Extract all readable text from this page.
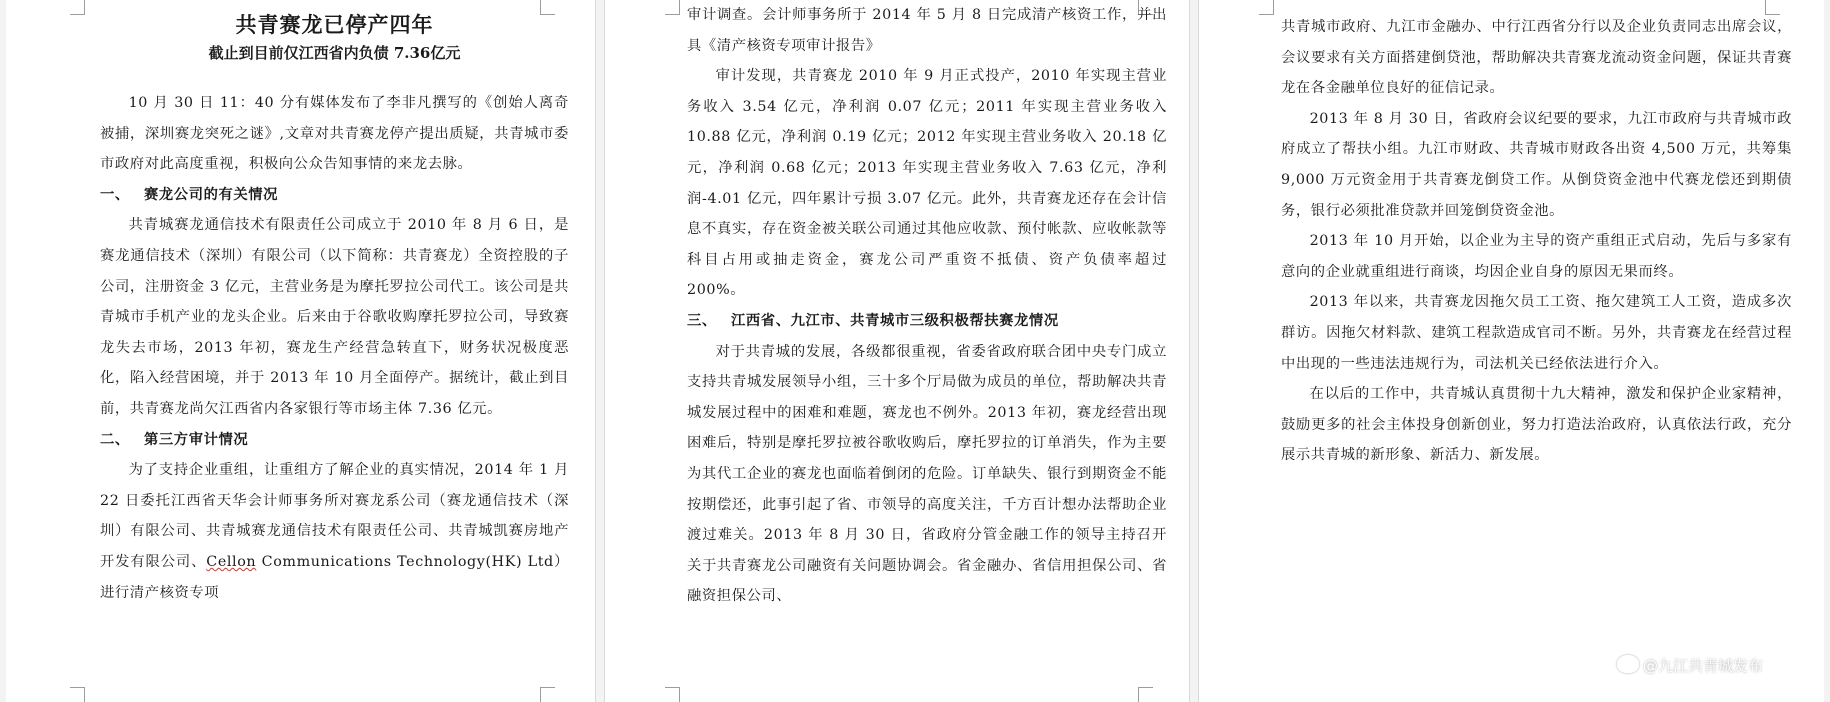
共青赛龙已停产四年
截止到目前仅江西省内负债 7.36亿元

10 月 30 日 11：40 分有媒体发布了李非凡撰写的《创始人离奇被捕，深圳赛龙突死之谜》,文章对共青赛龙停产提出质疑，共青城市委市政府对此高度重视，积极向公众告知事情的来龙去脉。

一、 赛龙公司的有关情况

共青城赛龙通信技术有限责任公司成立于 2010 年 8 月 6 日，是赛龙通信技术（深圳）有限公司（以下简称：共青赛龙）全资控股的子公司，注册资金 3 亿元，主营业务是为摩托罗拉公司代工。该公司是共青城市手机产业的龙头企业。后来由于谷歌收购摩托罗拉公司，导致赛龙失去市场，2013 年初，赛龙生产经营急转直下，财务状况极度恶化，陷入经营困境，并于 2013 年 10 月全面停产。据统计，截止到目前，共青赛龙尚欠江西省内各家银行等市场主体 7.36 亿元。

二、 第三方审计情况

为了支持企业重组，让重组方了解企业的真实情况，2014 年 1 月 22 日委托江西省天华会计师事务所对赛龙系公司（赛龙通信技术（深圳）有限公司、共青城赛龙通信技术有限责任公司、共青城凯赛房地产开发有限公司、Cellon Communications Technology(HK) Ltd）进行清产核资专项

审计调查。会计师事务所于 2014 年 5 月 8 日完成清产核资工作，并出具《清产核资专项审计报告》

审计发现，共青赛龙 2010 年 9 月正式投产，2010 年实现主营业务收入 3.54 亿元，净利润 0.07 亿元；2011 年实现主营业务收入 10.88 亿元，净利润 0.19 亿元；2012 年实现主营业务收入 20.18 亿元，净利润 0.68 亿元；2013 年实现主营业务收入 7.63 亿元，净利润-4.01 亿元，四年累计亏损 3.07 亿元。此外，共青赛龙还存在会计信息不真实，存在资金被关联公司通过其他应收款、预付帐款、应收帐款等科目占用或抽走资金，赛龙公司严重资不抵债、资产负债率超过 200%。

三、 江西省、九江市、共青城市三级积极帮扶赛龙情况

对于共青城的发展，各级都很重视，省委省政府联合团中央专门成立支持共青城发展领导小组，三十多个厅局做为成员的单位，帮助解决共青城发展过程中的困难和难题，赛龙也不例外。2013 年初，赛龙经营出现困难后，特别是摩托罗拉被谷歌收购后，摩托罗拉的订单消失，作为主要为其代工企业的赛龙也面临着倒闭的危险。订单缺失、银行到期资金不能按期偿还，此事引起了省、市领导的高度关注，千方百计想办法帮助企业渡过难关。2013 年 8 月 30 日，省政府分管金融工作的领导主持召开关于共青赛龙公司融资有关问题协调会。省金融办、省信用担保公司、省融资担保公司、

共青城市政府、九江市金融办、中行江西省分行以及企业负责同志出席会议，会议要求有关方面搭建倒贷池，帮助解决共青赛龙流动资金问题，保证共青赛龙在各金融单位良好的征信记录。

2013 年 8 月 30 日，省政府会议纪要的要求，九江市政府与共青城市政府成立了帮扶小组。九江市财政、共青城市财政各出资 4,500 万元，共筹集 9,000 万元资金用于共青赛龙倒贷工作。从倒贷资金池中代赛龙偿还到期债务，银行必须批准贷款并回笼倒贷资金池。

2013 年 10 月开始，以企业为主导的资产重组正式启动，先后与多家有意向的企业就重组进行商谈，均因企业自身的原因无果而终。

2013 年以来，共青赛龙因拖欠员工工资、拖欠建筑工人工资，造成多次群访。因拖欠材料款、建筑工程款造成官司不断。另外，共青赛龙在经营过程中出现的一些违法违规行为，司法机关已经依法进行介入。

在以后的工作中，共青城认真贯彻十九大精神，激发和保护企业家精神，鼓励更多的社会主体投身创新创业，努力打造法治政府，认真依法行政，充分展示共青城的新形象、新活力、新发展。

@九江共青城发布
